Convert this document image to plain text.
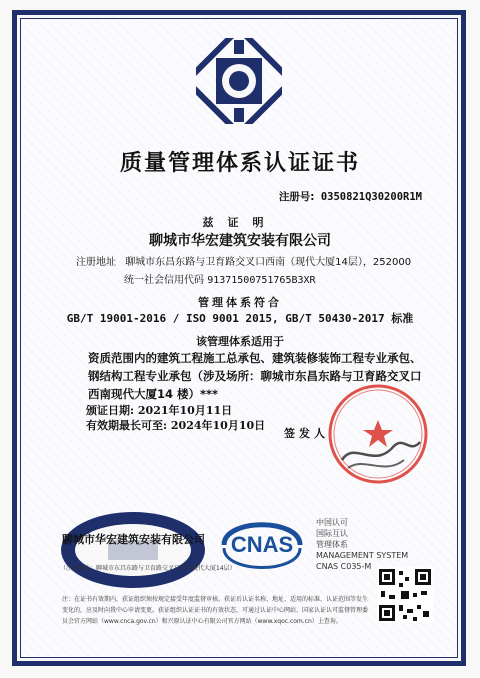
质量管理体系认证证书
注册号: 0350821Q30200R1M
兹证明
聊城市华宏建筑安装有限公司
注册地址 聊城市东昌东路与卫育路交叉口西南（现代大厦14层），252000
统一社会信用代码 91371500751765B3XR
管理体系符合
GB/T 19001-2016 / ISO 9001 2015, GB/T 50430-2017 标准
该管理体系适用于
资质范围内的建筑工程施工总承包、建筑装修装饰工程专业承包、钢结构工程专业承包（涉及场所：聊城市东昌东路与卫育路交叉口西南现代大厦14 楼）***
颁证日期: 2021年10月11日
有效期最长可至: 2024年10月10日
签发人
聊城市华宏建筑安装有限公司
（注册地址：聊城市东昌东路与卫育路交叉口西南现代大厦14层）
CNAS
中国认可
国际互认
管理体系
MANAGEMENT SYSTEM
CNAS C035-M
注：在证书有效期内，获证组织须按规定接受年度监督审核。获证后认证名称、地址、适用的标准、认证范围等发生变化的，应及时向我中心申请变更。获证组织认证证书的有效状态，可通过认证中心网站、国家认证认可监督管理委员会官方网站（www.cnca.gov.cn）和兴原认证中心有限公司官方网站（www.xqoc.com.cn）上查询。
